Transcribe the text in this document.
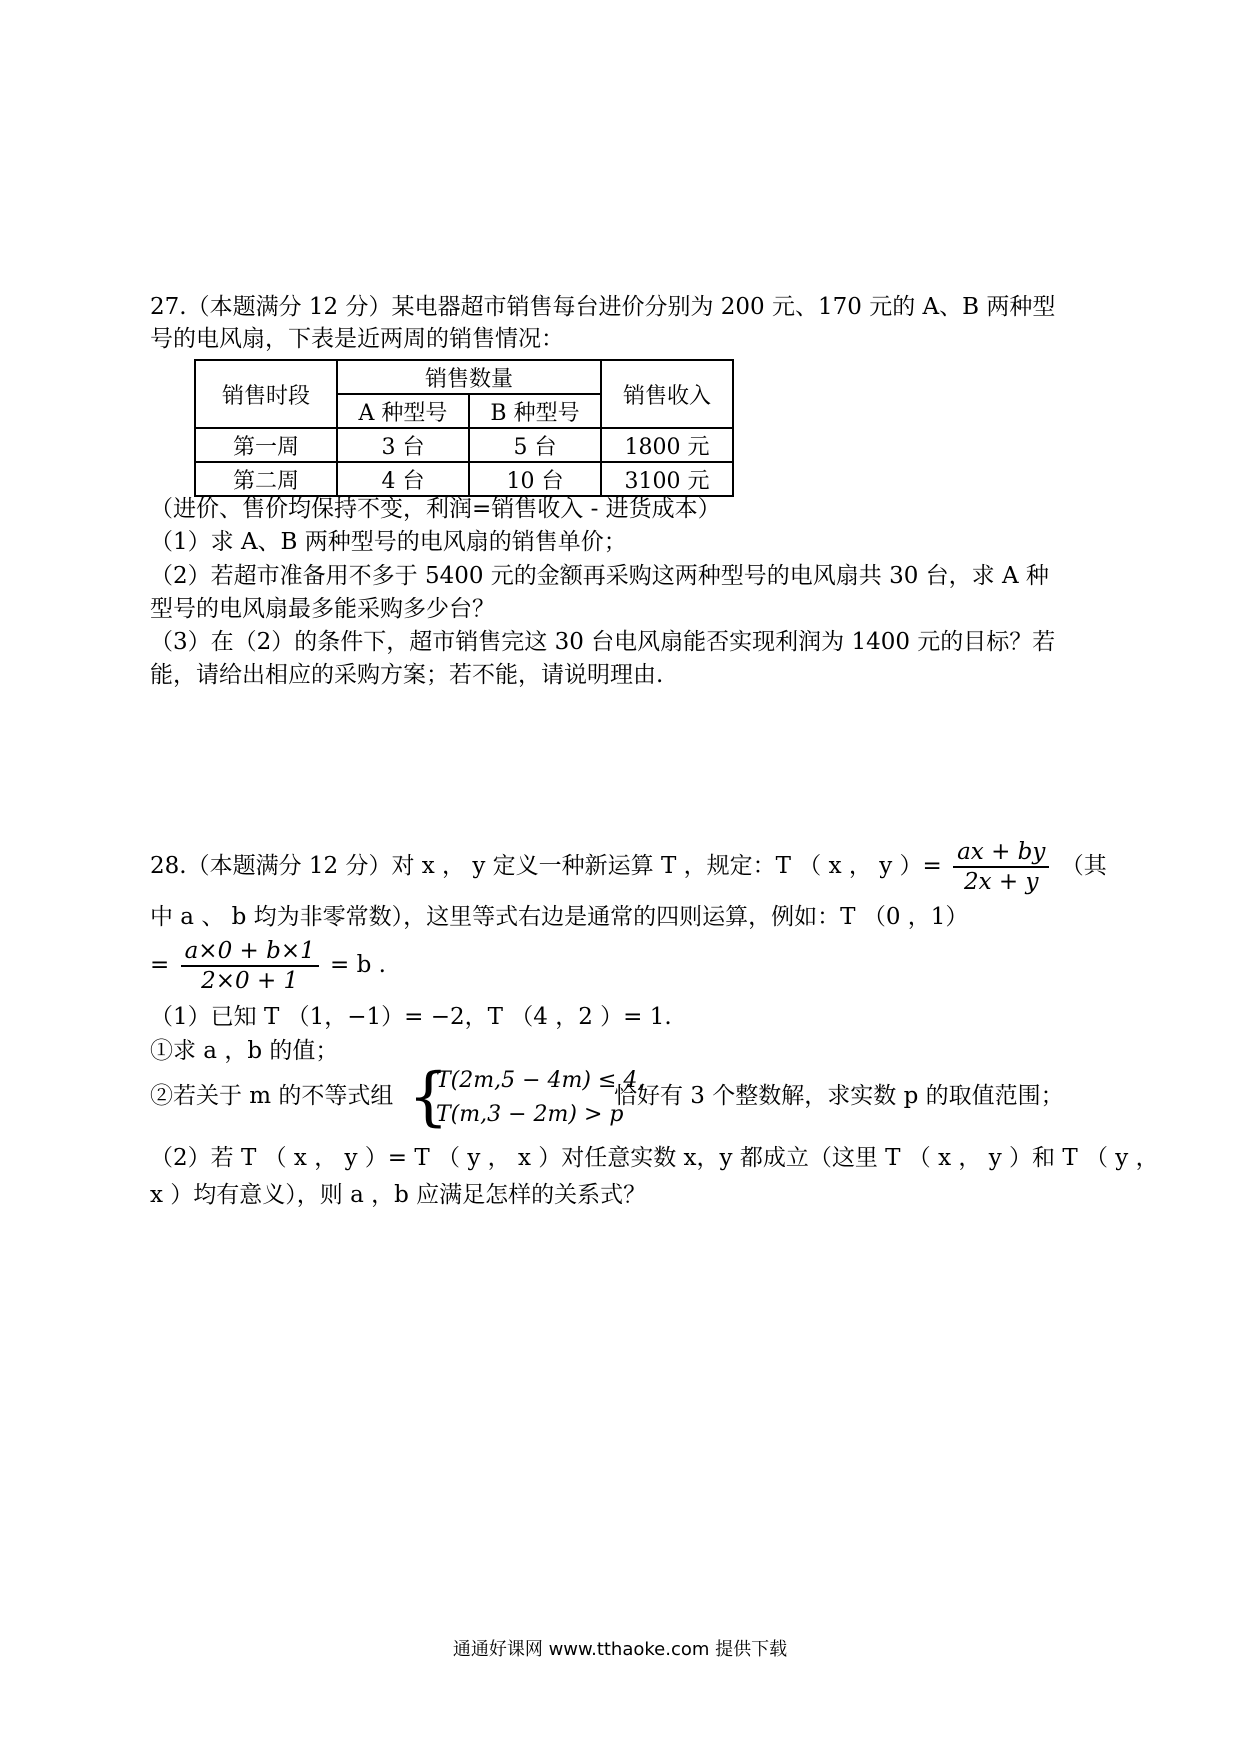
27.（本题满分 12 分）某电器超市销售每台进价分别为 200 元、170 元的 A、B 两种型
号的电风扇，下表是近两周的销售情况：
销售时段	销售数量		销售收入
	A 种型号	B 种型号	
第一周	3 台	5 台	1800 元
第二周	4 台	10 台	3100 元
（进价、售价均保持不变，利润=销售收入 - 进货成本）
（1）求 A、B 两种型号的电风扇的销售单价；
（2）若超市准备用不多于 5400 元的金额再采购这两种型号的电风扇共 30 台，求 A 种
型号的电风扇最多能采购多少台？
（3）在（2）的条件下，超市销售完这 30 台电风扇能否实现利润为 1400 元的目标？若
能，请给出相应的采购方案；若不能，请说明理由.
28.（本题满分 12 分）对 x ， y 定义一种新运算 T ，规定：T （ x ， y ）= $\frac{ax + by}{2x + y}$ （其
中 a 、 b 均为非零常数），这里等式右边是通常的四则运算，例如：T （0 ，1）
= $\frac{a\times 0 + b\times 1}{2\times 0 + 1} = b$ .
（1）已知 T （1，−1）= −2，T （4 ，2 ）= 1.
①求 a ，b 的值；
②若关于 m 的不等式组 {
T(2m,5 − 4m) ≤ 4,
T(m,3 − 2m) > p
恰好有 3 个整数解，求实数 p 的取值范围；
（2）若 T （ x ， y ）= T （ y ， x ）对任意实数 x，y 都成立（这里 T （ x ， y ）和 T （ y ，
x ）均有意义），则 a ，b 应满足怎样的关系式？
通通好课网 www.tthaoke.com 提供下载
